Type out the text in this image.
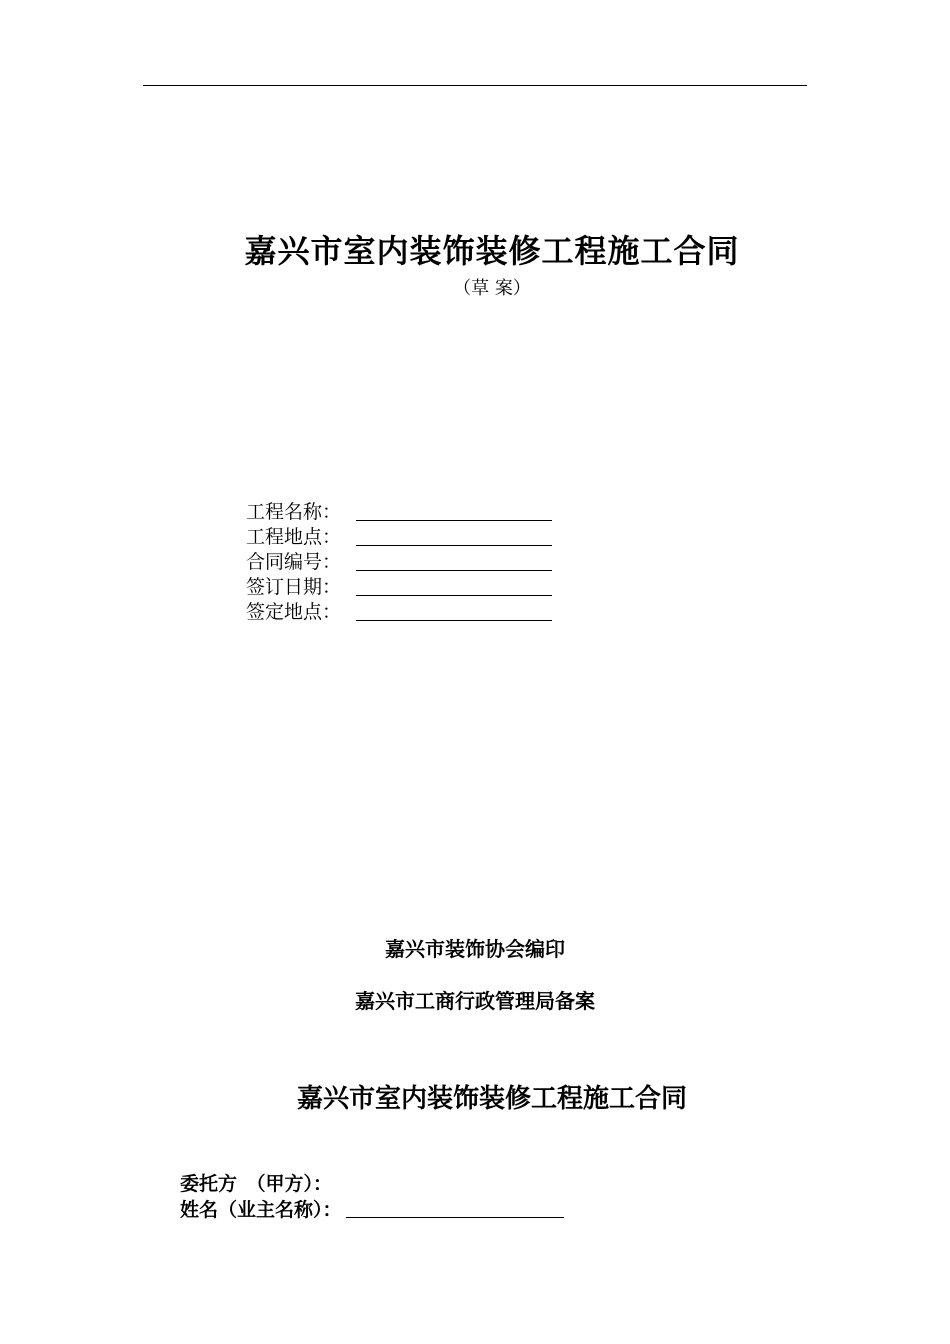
嘉兴市室内装饰装修工程施工合同
（草 案）
工程名称：
工程地点：
合同编号：
签订日期：
签定地点：
嘉兴市装饰协会编印
嘉兴市工商行政管理局备案
嘉兴市室内装饰装修工程施工合同
委托方　（甲方）：
姓名（业主名称）：
